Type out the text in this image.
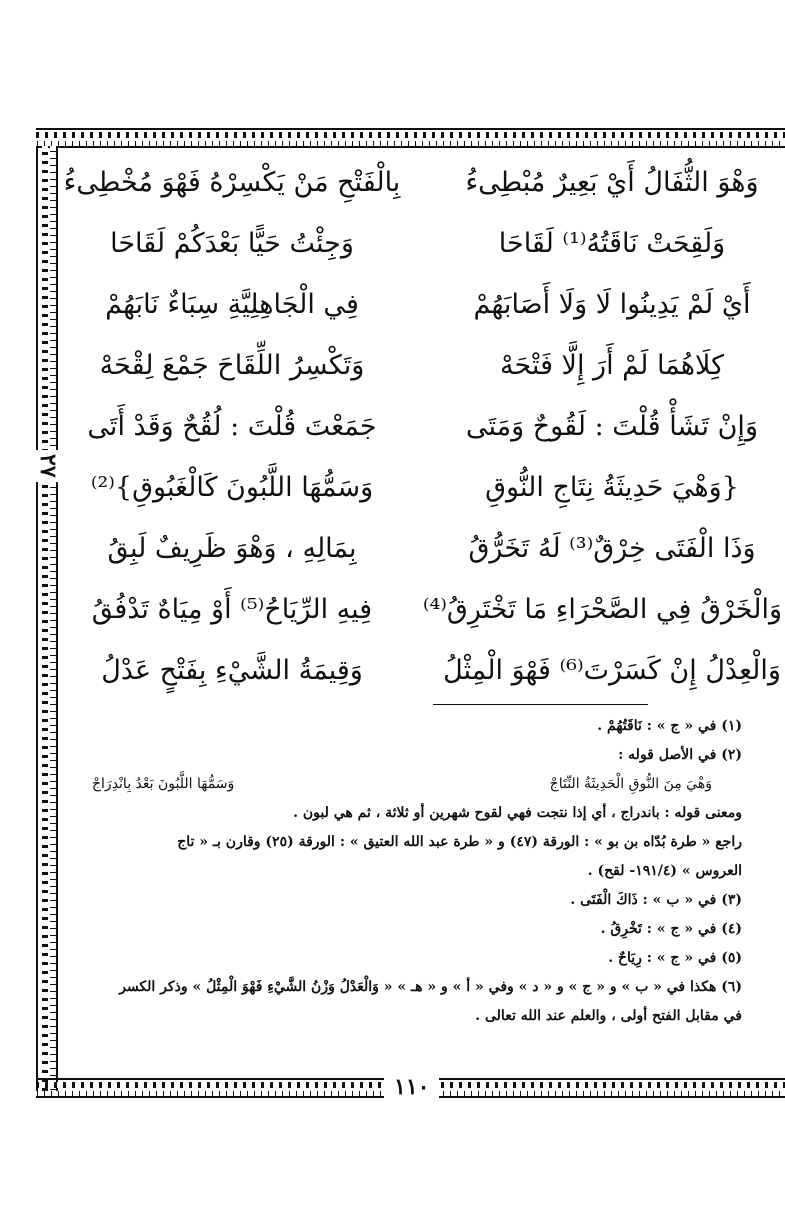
٢٧
١١٠
وَهْوَ الثُّفَالُ أَيْ بَعِيرٌ مُبْطِىءُ
بِالْفَتْحِ مَنْ يَكْسِرْهُ فَهْوَ مُخْطِىءُ
وَلَقِحَتْ نَاقَتُهُ⁽¹⁾ لَقَاحَا
وَجِئْتُ حَيًّا بَعْدَكُمْ لَقَاحَا
أَيْ لَمْ يَدِينُوا لَا وَلَا أَصَابَهُمْ
فِي الْجَاهِلِيَّةِ سِبَاءٌ نَابَهُمْ
كِلَاهُمَا لَمْ أَرَ إِلَّا فَتْحَهْ
وَتَكْسِرُ اللِّقَاحَ جَمْعَ لِقْحَهْ
وَإِنْ تَشَأْ قُلْتَ : لَقُوحٌ وَمَتَى
جَمَعْتَ قُلْتَ : لُقُحٌ وَقَدْ أَتَى
{وَهْيَ حَدِيثَةُ نِتَاجِ النُّوقِ
وَسَمُّهَا اللَّبُونَ كَالْغَبُوقِ}⁽²⁾
وَذَا الْفَتَى خِرْقٌ⁽³⁾ لَهُ تَخَرُّقُ
بِمَالِهِ ، وَهْوَ ظَرِيفٌ لَبِقُ
وَالْخَرْقُ فِي الصَّحْرَاءِ مَا تَخْتَرِقُ⁽⁴⁾
فِيهِ الرِّيَاحُ⁽⁵⁾ أَوْ مِيَاهٌ تَدْفُقُ
وَالْعِدْلُ إِنْ كَسَرْتَ⁽⁶⁾ فَهْوَ الْمِثْلُ
وَقِيمَةُ الشَّيْءِ بِفَتْحٍ عَدْلُ
(١) في « ج » : نَاقَتُهُمْ .
(٢) في الأصل قوله :
وَهْيَ مِنَ النُّوقِ الْحَدِيثَةُ النِّتَاجْ
وَسَمُّهَا اللَّبُونَ بَعْدُ بِانْدِرَاجْ
ومعنى قوله : باندراج ، أي إذا نتجت فهي لقوح شهرين أو ثلاثة ، ثم هي لبون .
راجع « طرة بُدّاه بن بو » : الورقة (٤٧) و « طرة عبد الله العتيق » : الورقة (٢٥) وقارن بـ « تاج
العروس » (١٩١/٤- لقح) .
(٣) في « ب » : ذَاكَ الْفَتَى .
(٤) في « ج » : تَخْرِقُ .
(٥) في « ج » : رِيَاحٌ .
(٦) هكذا في « ب » و « ج » و « د » وفي « أ » و « هـ » « وَالْعَدْلُ وَزْنُ الشَّيْءِ فَهْوَ الْمِثْلُ » وذكر الكسر
في مقابل الفتح أولى ، والعلم عند الله تعالى .
